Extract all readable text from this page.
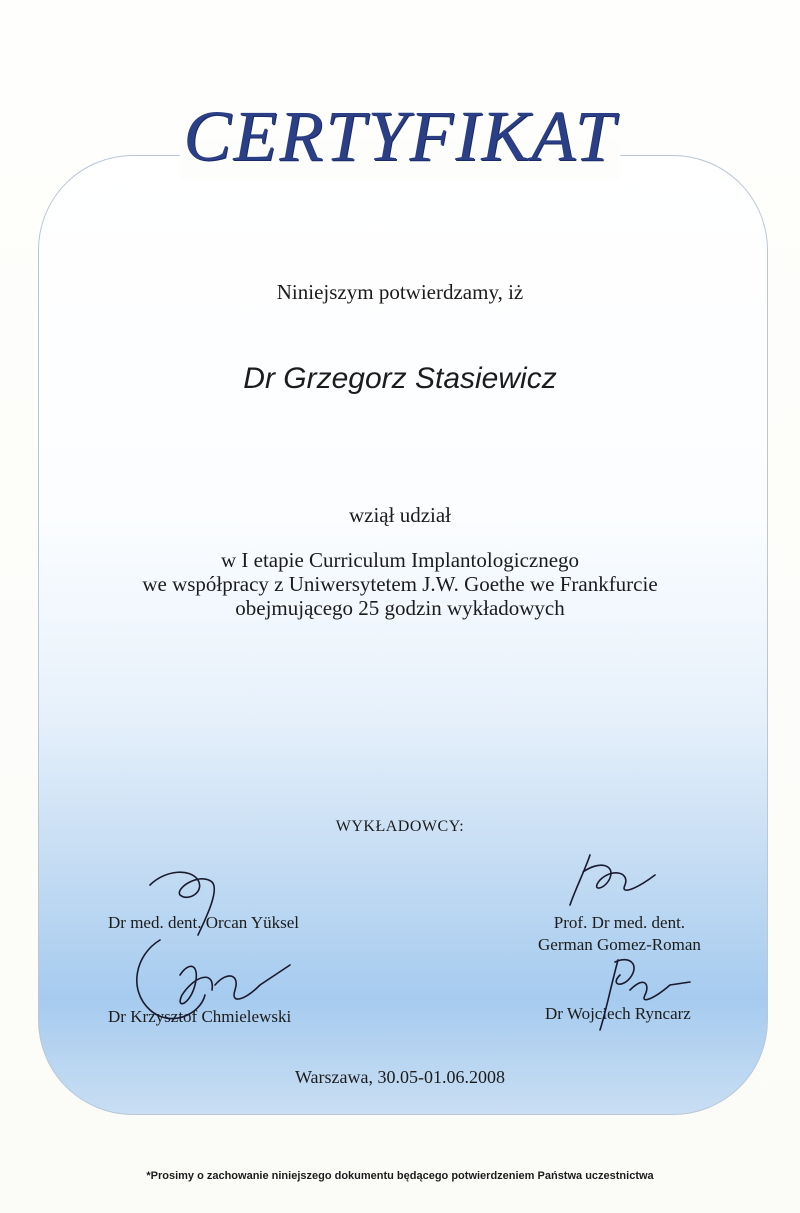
CERTYFIKAT
Niniejszym potwierdzamy, iż
Dr Grzegorz Stasiewicz
wziął udział
w I etapie Curriculum Implantologicznego
we współpracy z Uniwersytetem J.W. Goethe we Frankfurcie
obejmującego 25 godzin wykładowych
WYKŁADOWCY:
Dr med. dent. Orcan Yüksel
Dr Krzysztof Chmielewski
Prof. Dr med. dent.
German Gomez-Roman
Dr Wojciech Ryncarz
Warszawa, 30.05-01.06.2008
*Prosimy o zachowanie niniejszego dokumentu będącego potwierdzeniem Państwa uczestnictwa
